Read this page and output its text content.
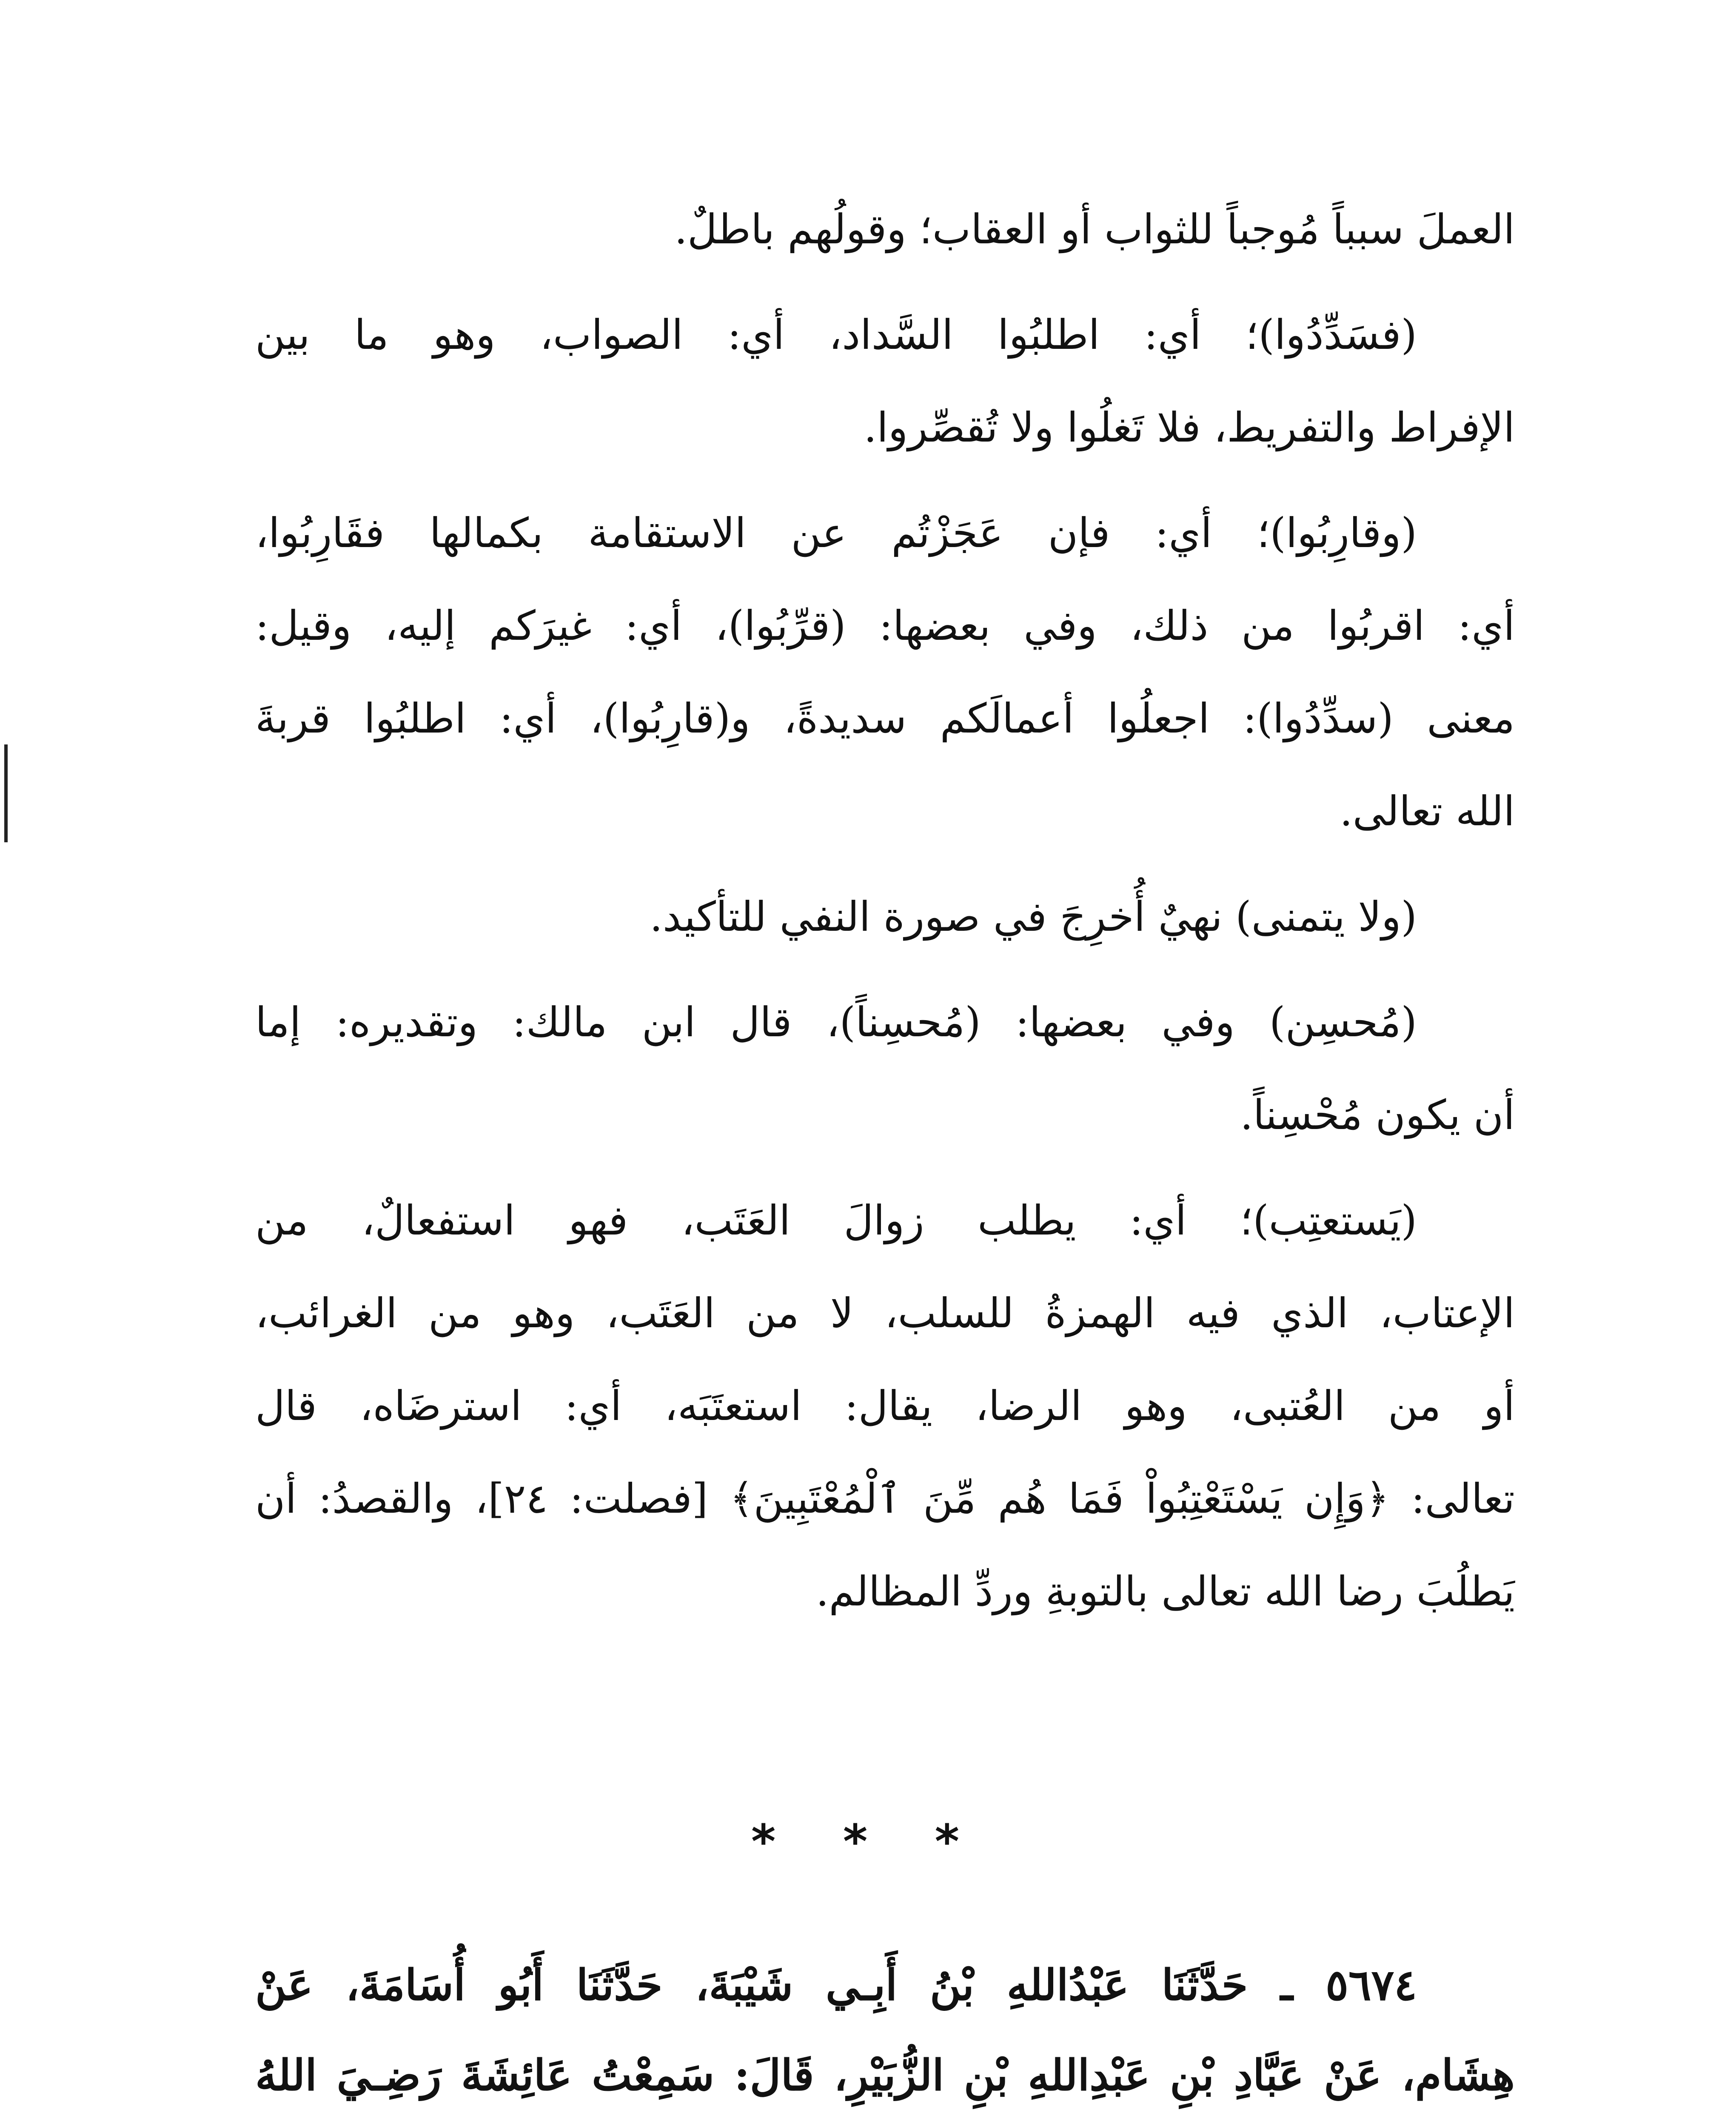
العملَ سبباً مُوجباً للثواب أو العقاب؛ وقولُهم باطلٌ.
(فسَدِّدُوا)؛ أي: اطلبُوا السَّداد، أي: الصواب، وهو ما بين
الإفراط والتفريط، فلا تَغلُوا ولا تُقصِّروا.
(وقارِبُوا)؛ أي: فإن عَجَزْتُم عن الاستقامة بكمالها فقَارِبُوا،
أي: اقربُوا من ذلك، وفي بعضها: (قرِّبُوا)، أي: غيرَكم إليه، وقيل:
معنى (سدِّدُوا): اجعلُوا أعمالَكم سديدةً، و(قارِبُوا)، أي: اطلبُوا قربةَ
الله تعالى.
(ولا يتمنى) نهيٌ أُخرِجَ في صورة النفي للتأكيد.
(مُحسِن) وفي بعضها: (مُحسِناً)، قال ابن مالك: وتقديره: إما
أن يكون مُحْسِناً.
(يَستعتِب)؛ أي: يطلب زوالَ العَتَب، فهو استفعالٌ، من
الإعتاب، الذي فيه الهمزةُ للسلب، لا من العَتَب، وهو من الغرائب،
أو من العُتبى، وهو الرضا، يقال: استعتَبَه، أي: استرضَاه، قال
تعالى: ﴿وَإِن يَسْتَعْتِبُواْ فَمَا هُم مِّنَ ٱلْمُعْتَبِينَ﴾ [فصلت: ٢٤]، والقصدُ: أن
يَطلُبَ رضا الله تعالى بالتوبةِ وردِّ المظالم.
* * *
٥٦٧٤ ـ حَدَّثَنَا عَبْدُاللهِ بْنُ أَبِـي شَيْبَةَ، حَدَّثَنَا أَبُو أُسَامَةَ، عَنْ
هِشَام، عَنْ عَبَّادِ بْنِ عَبْدِاللهِ بْنِ الزُّبَيْرِ، قَالَ: سَمِعْتُ عَائِشَةَ رَضِـيَ اللهُ
